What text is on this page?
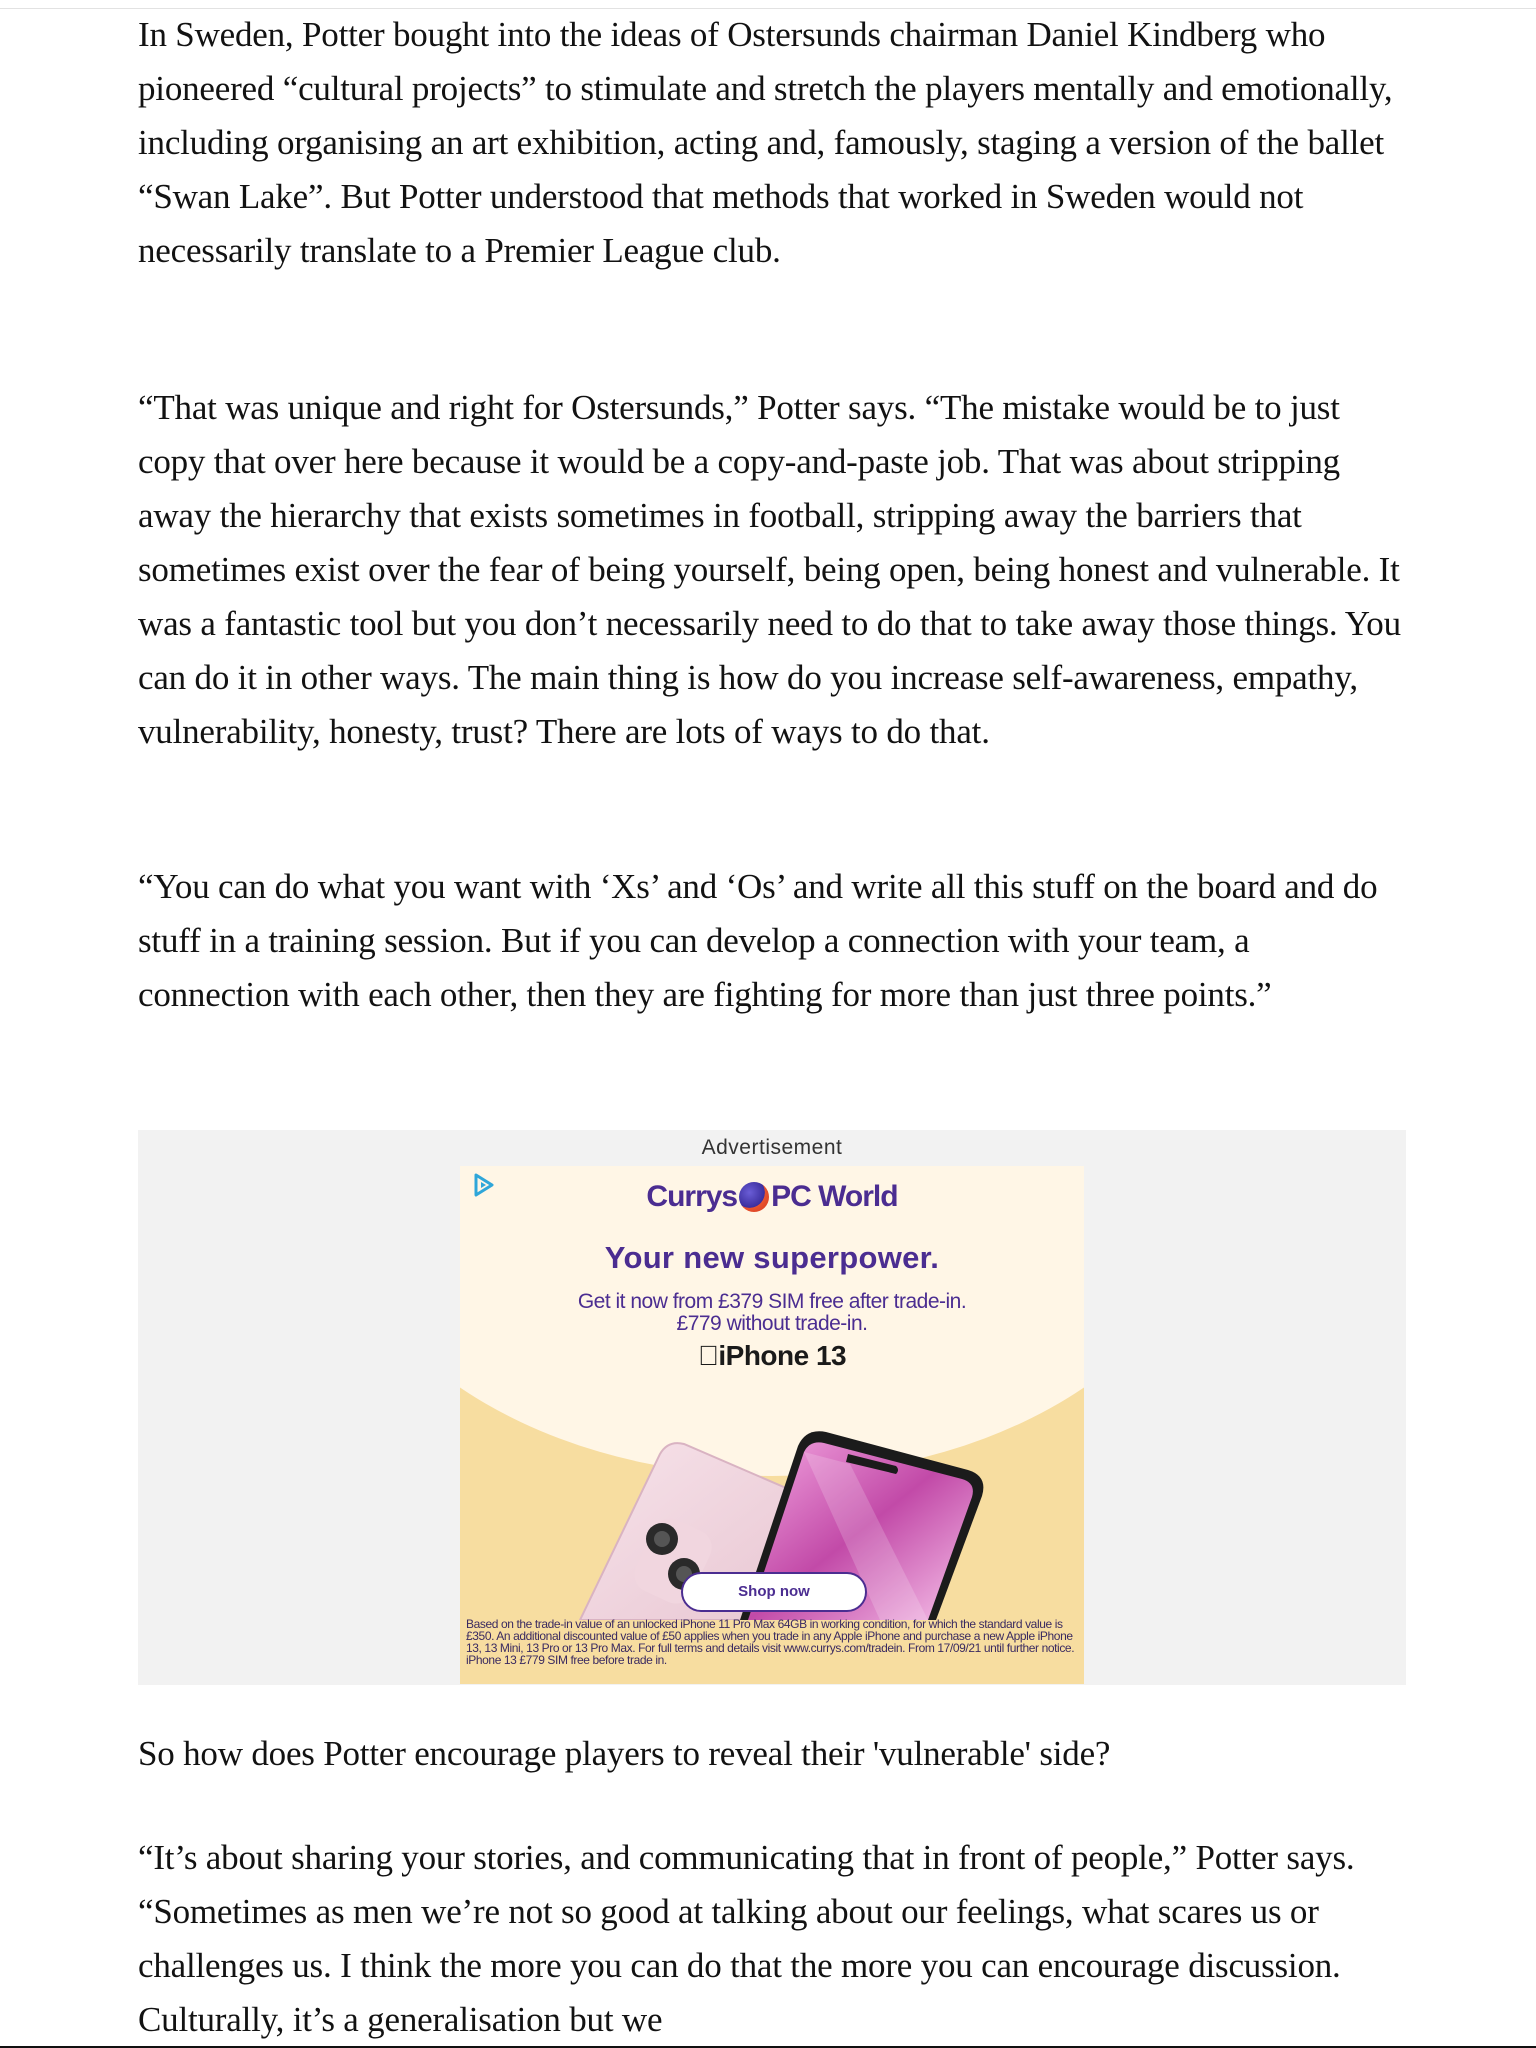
In Sweden, Potter bought into the ideas of Ostersunds chairman Daniel Kindberg who pioneered “cultural projects” to stimulate and stretch the players mentally and emotionally, including organising an art exhibition, acting and, famously, staging a version of the ballet “Swan Lake”. But Potter understood that methods that worked in Sweden would not necessarily translate to a Premier League club.

“That was unique and right for Ostersunds,” Potter says. “The mistake would be to just copy that over here because it would be a copy-and-paste job. That was about stripping away the hierarchy that exists sometimes in football, stripping away the barriers that sometimes exist over the fear of being yourself, being open, being honest and vulnerable. It was a fantastic tool but you don’t necessarily need to do that to take away those things. You can do it in other ways. The main thing is how do you increase self-awareness, empathy, vulnerability, honesty, trust? There are lots of ways to do that.

“You can do what you want with ‘Xs’ and ‘Os’ and write all this stuff on the board and do stuff in a training session. But if you can develop a connection with your team, a connection with each other, then they are fighting for more than just three points.”

So how does Potter encourage players to reveal their 'vulnerable' side?

“It’s about sharing your stories, and communicating that in front of people,” Potter says. “Sometimes as men we’re not so good at talking about our feelings, what scares us or challenges us. I think the more you can do that the more you can encourage discussion. Culturally, it’s a generalisation but we

Advertisement
Currys PC World
Your new superpower.
Get it now from £379 SIM free after trade-in.
£779 without trade-in.
iPhone 13
Shop now
Based on the trade-in value of an unlocked iPhone 11 Pro Max 64GB in working condition, for which the standard value is £350. An additional discounted value of £50 applies when you trade in any Apple iPhone and purchase a new Apple iPhone 13, 13 Mini, 13 Pro or 13 Pro Max. For full terms and details visit www.currys.com/tradein. From 17/09/21 until further notice. iPhone 13 £779 SIM free before trade in.
